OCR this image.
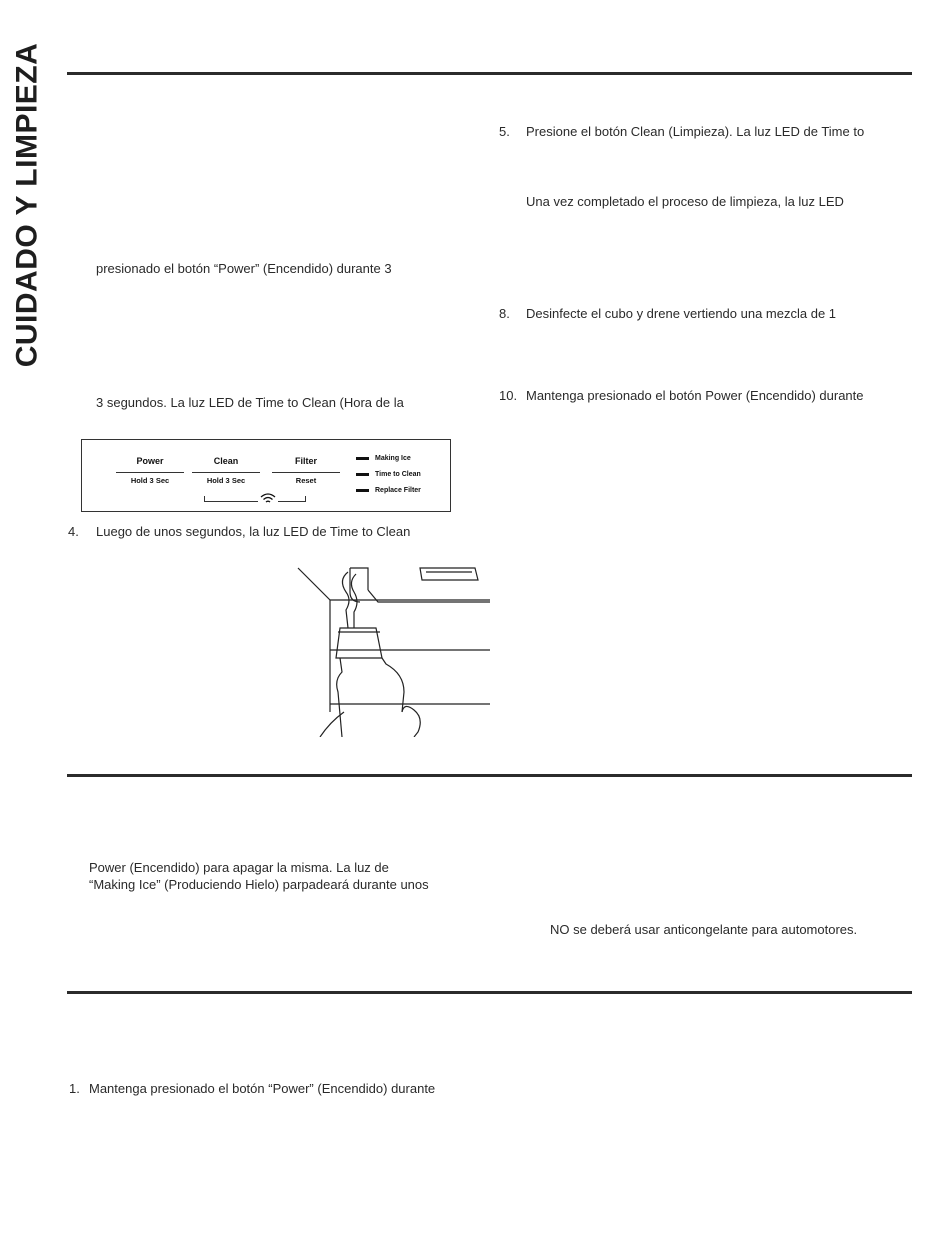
CUIDADO Y LIMPIEZA	presionado el botón “Power” (Encendido) durante 3
3 segundos. La luz LED de Time to Clean (Hora de la
Power
Hold 3 Sec
Clean
Hold 3 Sec
Filter
Reset
Making Ice
Time to Clean
Replace Filter
4. Luego de unos segundos, la luz LED de Time to Clean
5. Presione el botón Clean (Limpieza). La luz LED de Time to
Una vez completado el proceso de limpieza, la luz LED
8. Desinfecte el cubo y drene vertiendo una mezcla de 1
10. Mantenga presionado el botón Power (Encendido) durante
Power (Encendido) para apagar la misma. La luz de
“Making Ice” (Produciendo Hielo) parpadeará durante unos
NO se deberá usar anticongelante para automotores.
1. Mantenga presionado el botón “Power” (Encendido) durante
